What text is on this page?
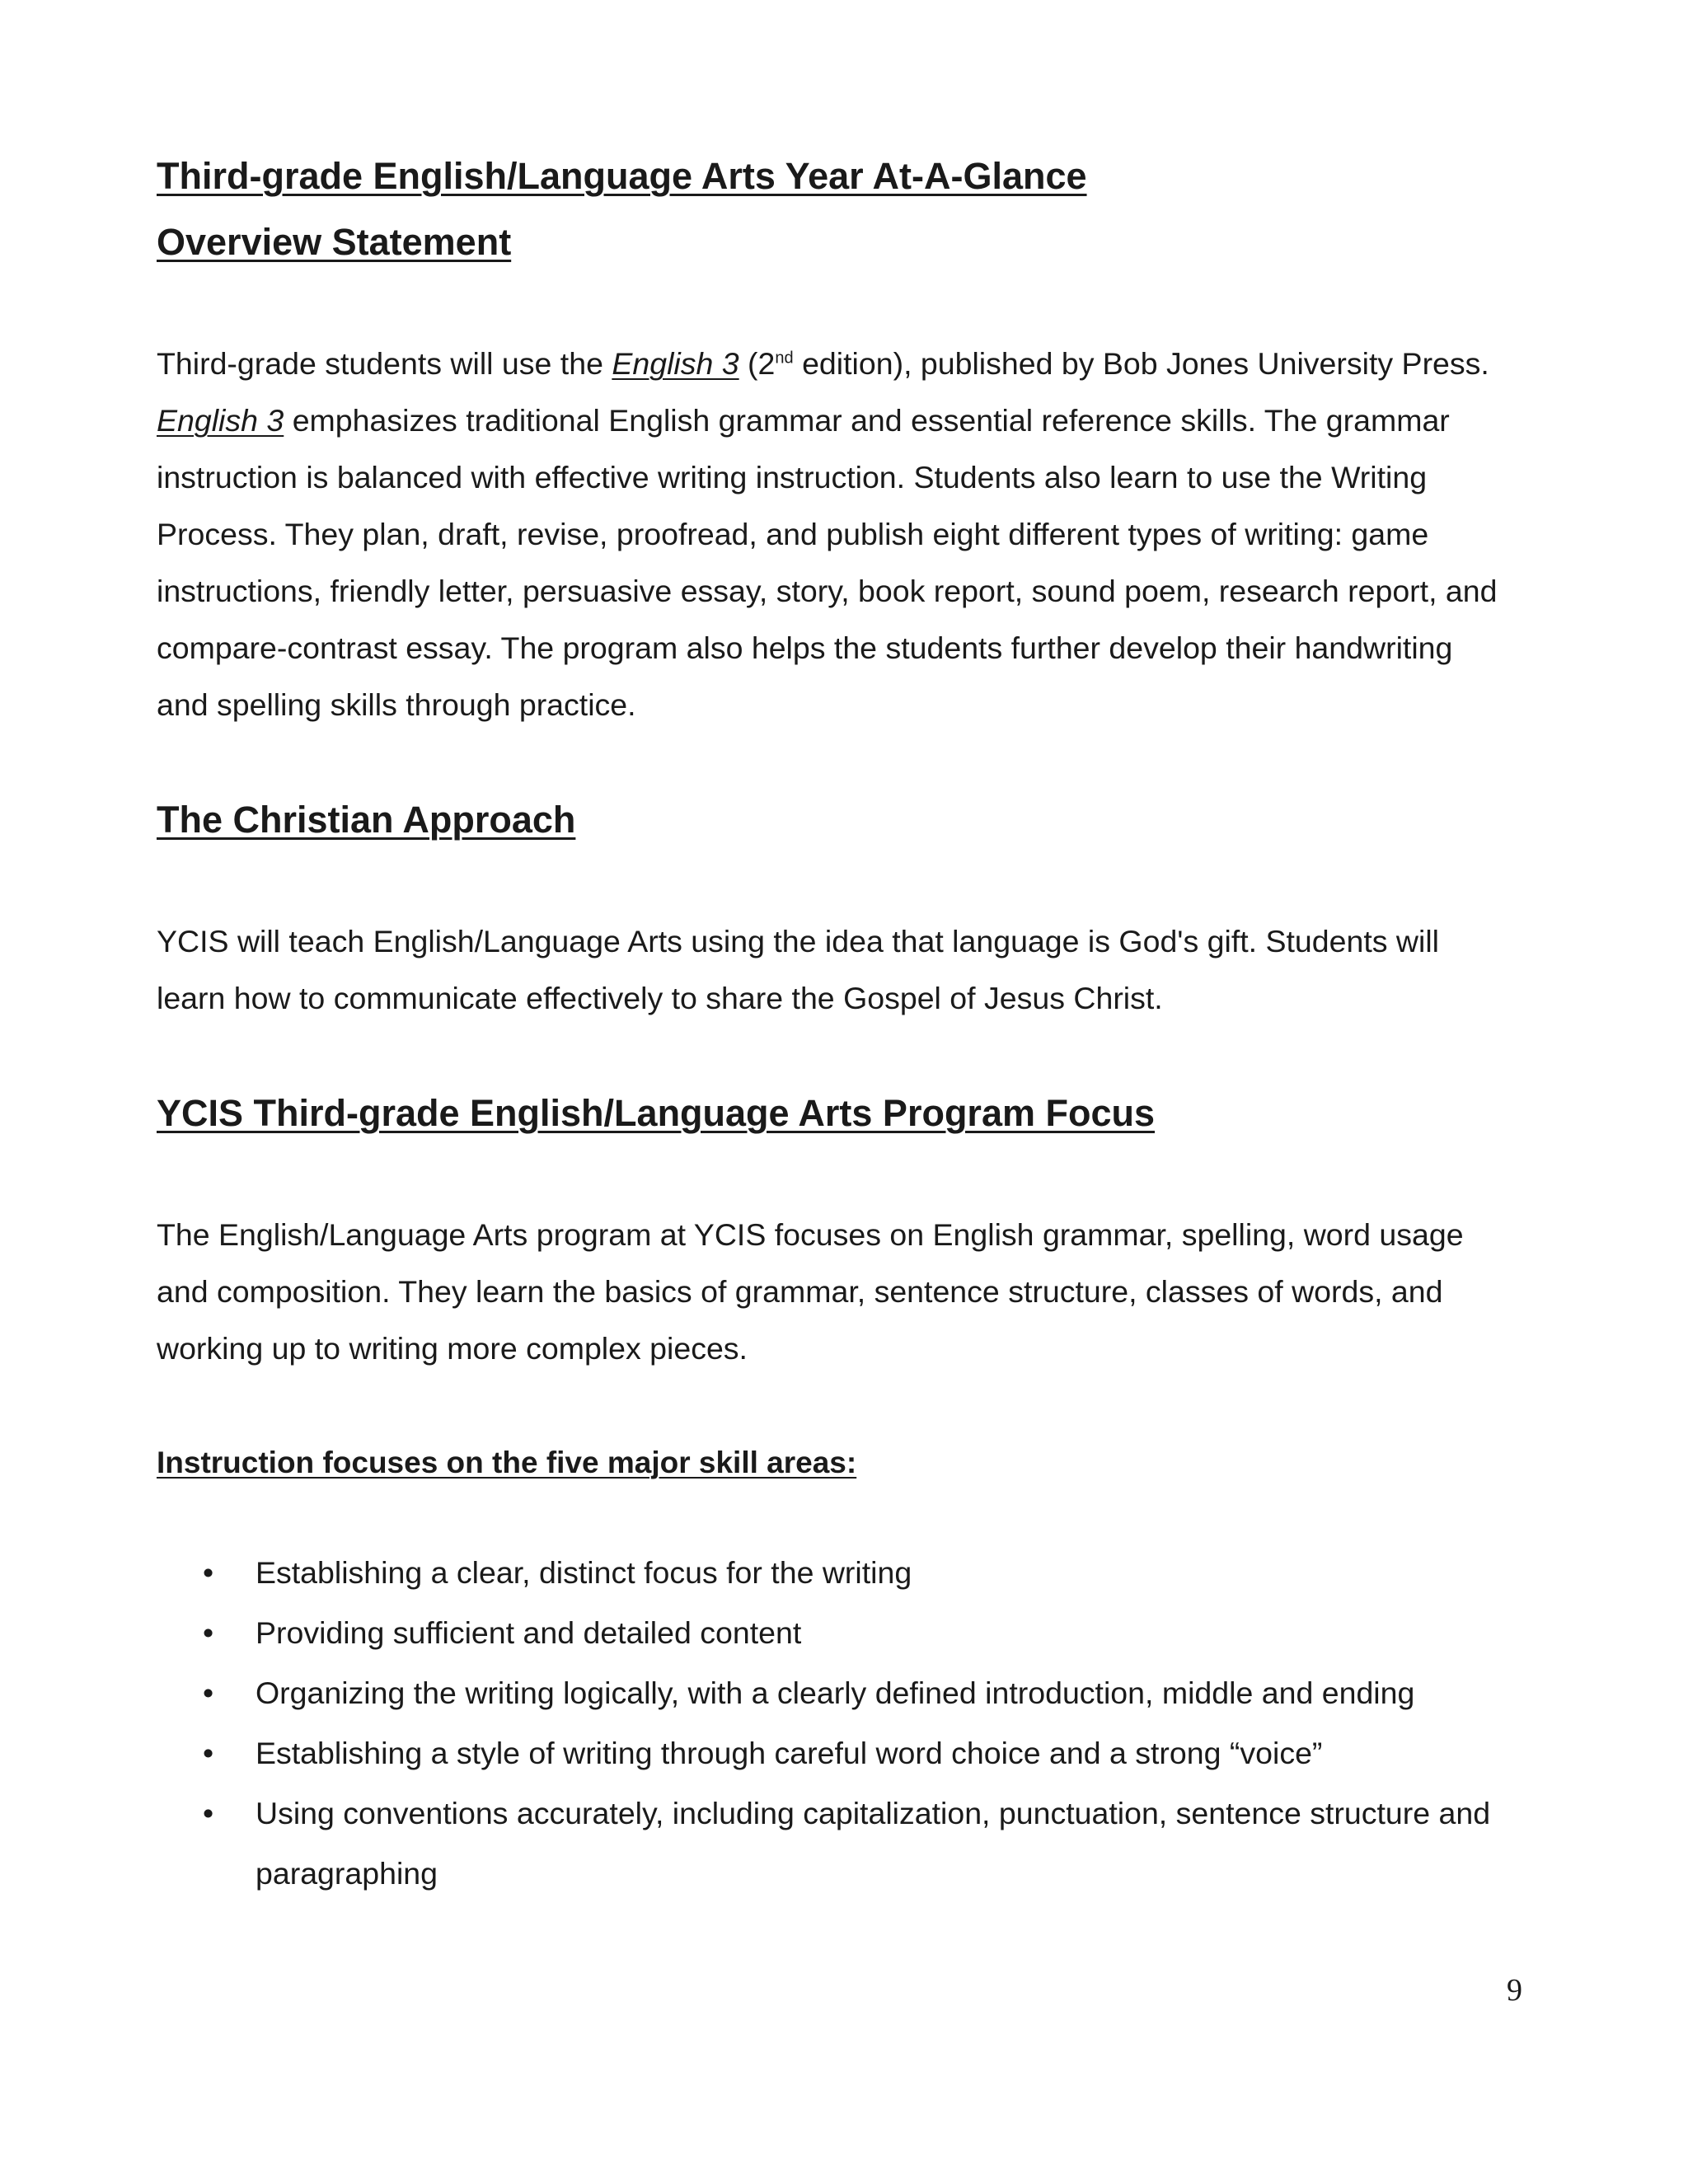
Third-grade English/Language Arts Year At-A-Glance
Overview Statement

Third-grade students will use the English 3 (2nd edition), published by Bob Jones University Press. English 3 emphasizes traditional English grammar and essential reference skills. The grammar instruction is balanced with effective writing instruction. Students also learn to use the Writing Process. They plan, draft, revise, proofread, and publish eight different types of writing: game instructions, friendly letter, persuasive essay, story, book report, sound poem, research report, and compare-contrast essay. The program also helps the students further develop their handwriting and spelling skills through practice.

The Christian Approach

YCIS will teach English/Language Arts using the idea that language is God's gift. Students will learn how to communicate effectively to share the Gospel of Jesus Christ.

YCIS Third-grade English/Language Arts Program Focus

The English/Language Arts program at YCIS focuses on English grammar, spelling, word usage and composition. They learn the basics of grammar, sentence structure, classes of words, and working up to writing more complex pieces.

Instruction focuses on the five major skill areas:
• Establishing a clear, distinct focus for the writing
• Providing sufficient and detailed content
• Organizing the writing logically, with a clearly defined introduction, middle and ending
• Establishing a style of writing through careful word choice and a strong “voice”
• Using conventions accurately, including capitalization, punctuation, sentence structure and paragraphing
9
